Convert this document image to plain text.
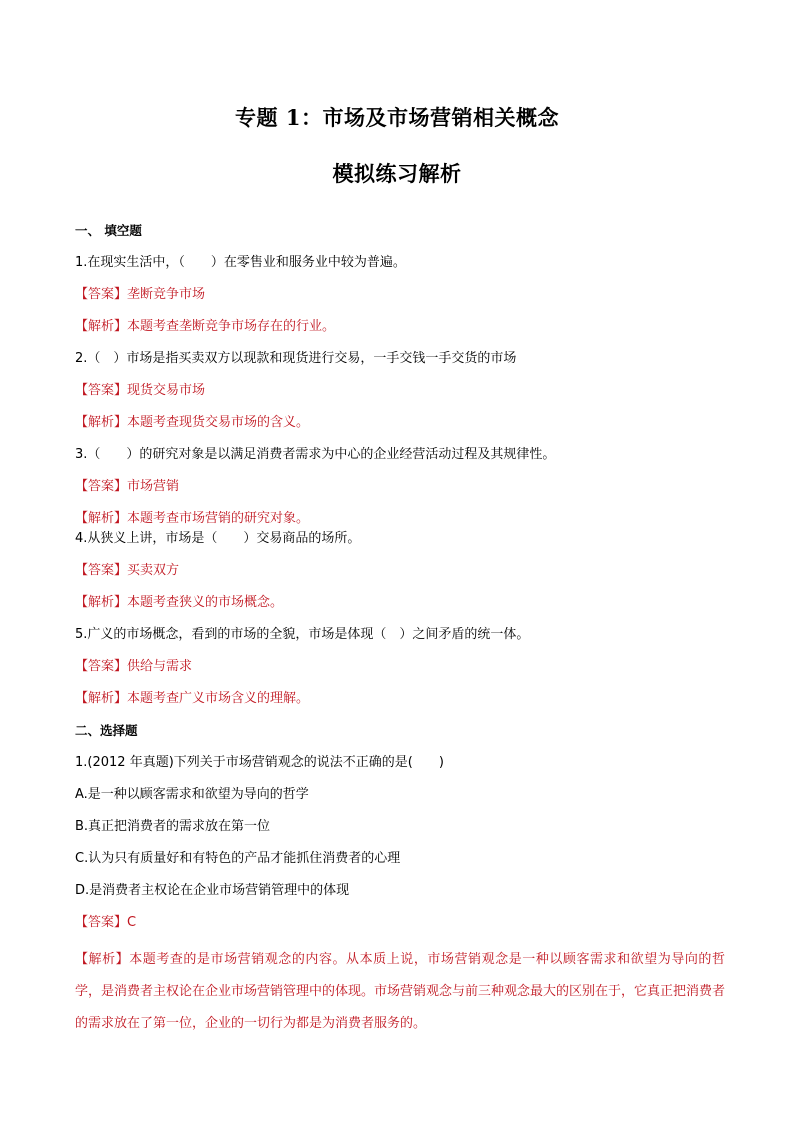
专题 1：市场及市场营销相关概念
模拟练习解析
一、 填空题
1.在现实生活中，（　　）在零售业和服务业中较为普遍。
【答案】垄断竞争市场
【解析】本题考查垄断竞争市场存在的行业。
2.（　）市场是指买卖双方以现款和现货进行交易，一手交钱一手交货的市场
【答案】现货交易市场
【解析】本题考查现货交易市场的含义。
3.（　　）的研究对象是以满足消费者需求为中心的企业经营活动过程及其规律性。
【答案】市场营销
【解析】本题考查市场营销的研究对象。
4.从狭义上讲，市场是（　　）交易商品的场所。
【答案】买卖双方
【解析】本题考查狭义的市场概念。
5.广义的市场概念，看到的市场的全貌，市场是体现（　）之间矛盾的统一体。
【答案】供给与需求
【解析】本题考查广义市场含义的理解。
二、选择题
1.(2012 年真题)下列关于市场营销观念的说法不正确的是(　　)
A.是一种以顾客需求和欲望为导向的哲学
B.真正把消费者的需求放在第一位
C.认为只有质量好和有特色的产品才能抓住消费者的心理
D.是消费者主权论在企业市场营销管理中的体现
【答案】C
【解析】本题考查的是市场营销观念的内容。从本质上说，市场营销观念是一种以顾客需求和欲望为导向的哲学，是消费者主权论在企业市场营销管理中的体现。市场营销观念与前三种观念最大的区别在于，它真正把消费者的需求放在了第一位，企业的一切行为都是为消费者服务的。
